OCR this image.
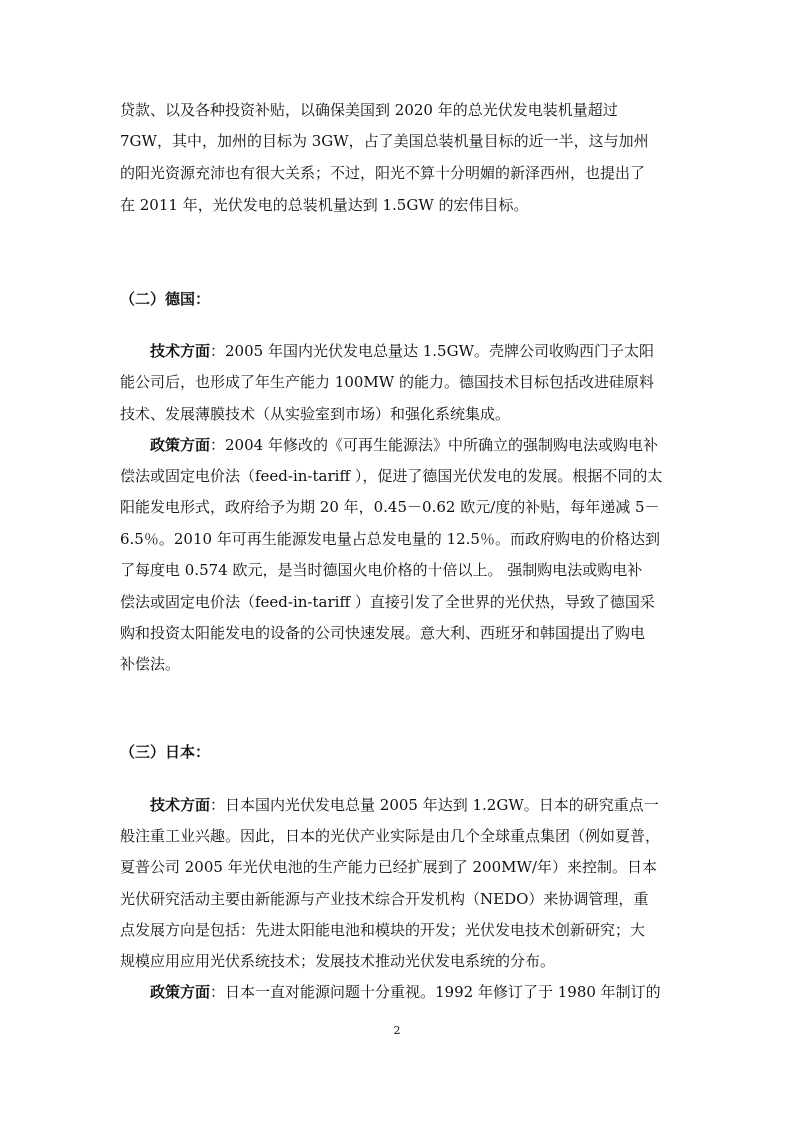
贷款、以及各种投资补贴，以确保美国到 2020 年的总光伏发电装机量超过
7GW，其中，加州的目标为 3GW，占了美国总装机量目标的近一半，这与加州
的阳光资源充沛也有很大关系；不过，阳光不算十分明媚的新泽西州，也提出了
在 2011 年，光伏发电的总装机量达到 1.5GW 的宏伟目标。
（二）德国：
技术方面：2005 年国内光伏发电总量达 1.5GW。壳牌公司收购西门子太阳
能公司后，也形成了年生产能力 100MW 的能力。德国技术目标包括改进硅原料
技术、发展薄膜技术（从实验室到市场）和强化系统集成。
政策方面：2004 年修改的《可再生能源法》中所确立的强制购电法或购电补
偿法或固定电价法（feed-in-tariff ），促进了德国光伏发电的发展。根据不同的太
阳能发电形式，政府给予为期 20 年，0.45－0.62 欧元/度的补贴，每年递减 5－
6.5％。2010 年可再生能源发电量占总发电量的 12.5％。而政府购电的价格达到
了每度电 0.574 欧元，是当时德国火电价格的十倍以上。 强制购电法或购电补
偿法或固定电价法（feed-in-tariff ）直接引发了全世界的光伏热，导致了德国采
购和投资太阳能发电的设备的公司快速发展。意大利、西班牙和韩国提出了购电
补偿法。
（三）日本：
技术方面：日本国内光伏发电总量 2005 年达到 1.2GW。日本的研究重点一
般注重工业兴趣。因此，日本的光伏产业实际是由几个全球重点集团（例如夏普，
夏普公司 2005 年光伏电池的生产能力已经扩展到了 200MW/年）来控制。日本
光伏研究活动主要由新能源与产业技术综合开发机构（NEDO）来协调管理，重
点发展方向是包括：先进太阳能电池和模块的开发；光伏发电技术创新研究；大
规模应用应用光伏系统技术；发展技术推动光伏发电系统的分布。
政策方面：日本一直对能源问题十分重视。1992 年修订了于 1980 年制订的
2
